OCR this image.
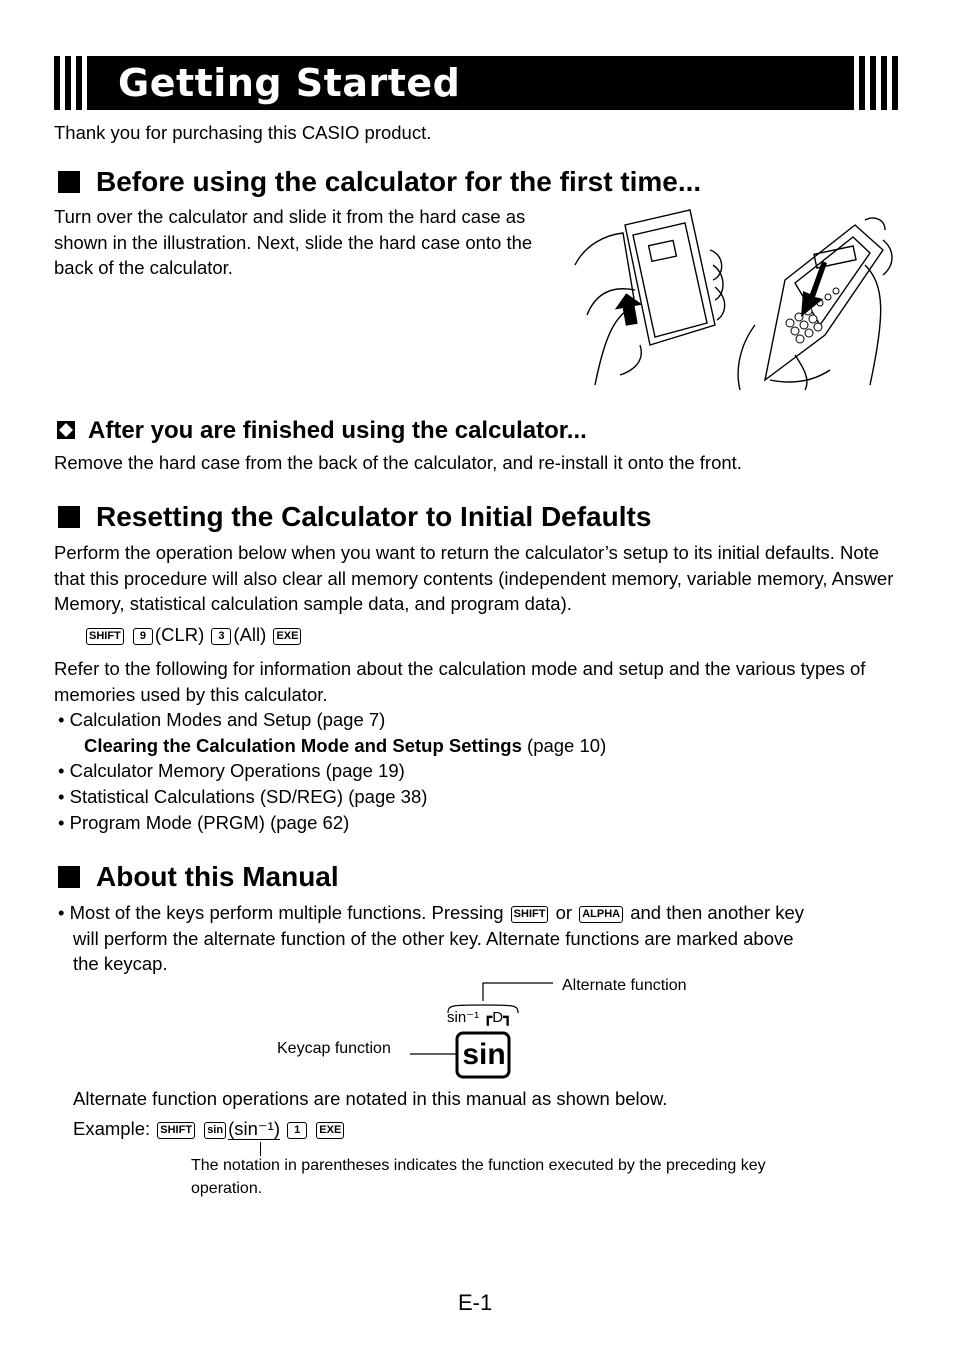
Getting Started
Thank you for purchasing this CASIO product.
Before using the calculator for the first time...
Turn over the calculator and slide it from the hard case as shown in the illustration. Next, slide the hard case onto the back of the calculator.
After you are finished using the calculator...
Remove the hard case from the back of the calculator, and re-install it onto the front.
Resetting the Calculator to Initial Defaults
Perform the operation below when you want to return the calculator’s setup to its initial defaults. Note that this procedure will also clear all memory contents (independent memory, variable memory, Answer Memory, statistical calculation sample data, and program data).
SHIFT 9 (CLR) 3 (All) EXE
Refer to the following for information about the calculation mode and setup and the various types of memories used by this calculator.
• Calculation Modes and Setup (page 7)
Clearing the Calculation Mode and Setup Settings (page 10)
• Calculator Memory Operations (page 19)
• Statistical Calculations (SD/REG) (page 38)
• Program Mode (PRGM) (page 62)
About this Manual
• Most of the keys perform multiple functions. Pressing SHIFT or ALPHA and then another key
will perform the alternate function of the other key. Alternate functions are marked above
the keycap.
Alternate function
sin⁻¹ ┏D┓
Keycap function sin
Alternate function operations are notated in this manual as shown below.
Example: SHIFT sin (sin⁻¹) 1 EXE
The notation in parentheses indicates the function executed by the preceding key operation.
E-1
